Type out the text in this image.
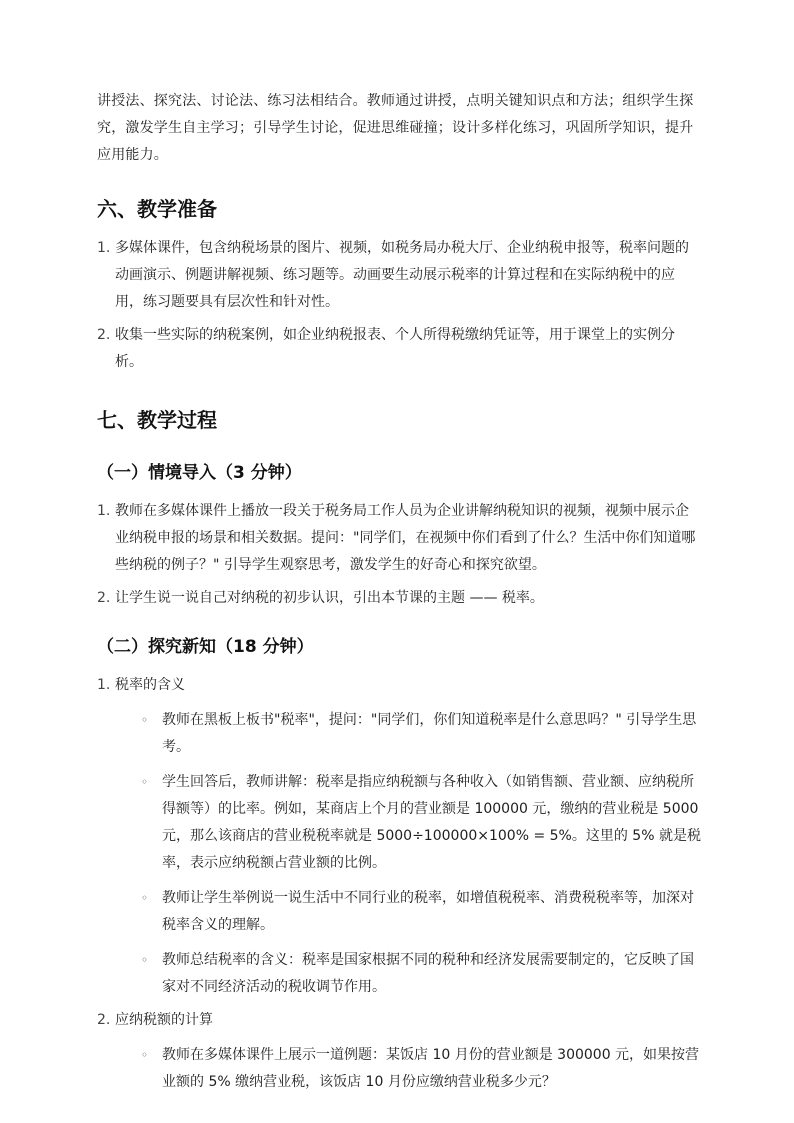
讲授法、探究法、讨论法、练习法相结合。教师通过讲授，点明关键知识点和方法；组织学生探究，激发学生自主学习；引导学生讨论，促进思维碰撞；设计多样化练习，巩固所学知识，提升应用能力。

六、教学准备
1. 多媒体课件，包含纳税场景的图片、视频，如税务局办税大厅、企业纳税申报等，税率问题的动画演示、例题讲解视频、练习题等。动画要生动展示税率的计算过程和在实际纳税中的应用，练习题要具有层次性和针对性。
2. 收集一些实际的纳税案例，如企业纳税报表、个人所得税缴纳凭证等，用于课堂上的实例分析。
七、教学过程
（一）情境导入（3 分钟）
1. 教师在多媒体课件上播放一段关于税务局工作人员为企业讲解纳税知识的视频，视频中展示企业纳税申报的场景和相关数据。提问："同学们，在视频中你们看到了什么？生活中你们知道哪些纳税的例子？" 引导学生观察思考，激发学生的好奇心和探究欲望。
2. 让学生说一说自己对纳税的初步认识，引出本节课的主题 —— 税率。
（二）探究新知（18 分钟）
1. 税率的含义
◦ 教师在黑板上板书"税率"，提问："同学们，你们知道税率是什么意思吗？" 引导学生思考。
◦ 学生回答后，教师讲解：税率是指应纳税额与各种收入（如销售额、营业额、应纳税所得额等）的比率。例如，某商店上个月的营业额是 100000 元，缴纳的营业税是 5000 元，那么该商店的营业税税率就是 5000÷100000×100% = 5%。这里的 5% 就是税率，表示应纳税额占营业额的比例。
◦ 教师让学生举例说一说生活中不同行业的税率，如增值税税率、消费税税率等，加深对税率含义的理解。
◦ 教师总结税率的含义：税率是国家根据不同的税种和经济发展需要制定的，它反映了国家对不同经济活动的税收调节作用。
2. 应纳税额的计算
◦ 教师在多媒体课件上展示一道例题：某饭店 10 月份的营业额是 300000 元，如果按营业额的 5% 缴纳营业税，该饭店 10 月份应缴纳营业税多少元？
